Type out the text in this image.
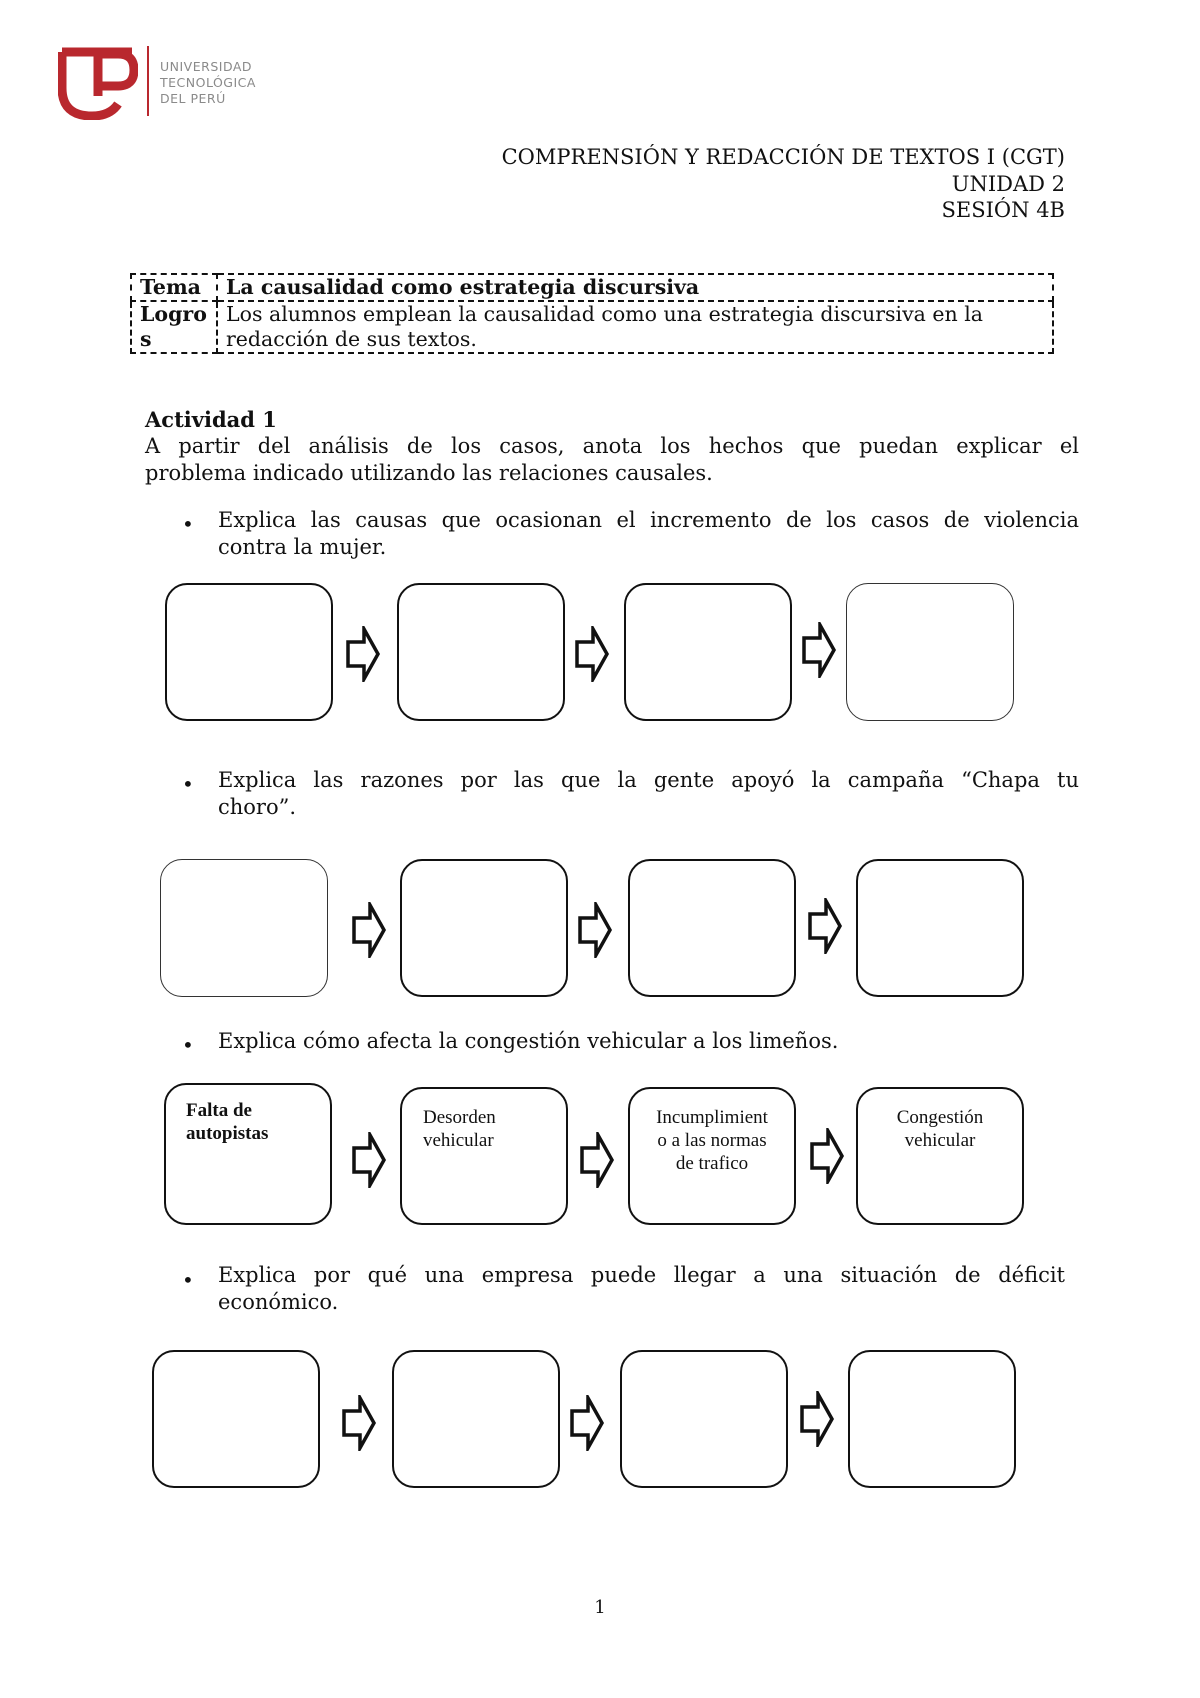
UNIVERSIDAD
TECNOLÓGICA
DEL PERÚ
COMPRENSIÓN Y REDACCIÓN DE TEXTOS I (CGT)
UNIDAD 2
SESIÓN 4B
Tema	La causalidad como estrategia discursiva
Logros	Los alumnos emplean la causalidad como una estrategia discursiva en la redacción de sus textos.
Actividad 1
A partir del análisis de los casos, anota los hechos que puedan explicar el
problema indicado utilizando las relaciones causales.
• Explica las causas que ocasionan el incremento de los casos de violencia
contra la mujer.
• Explica las razones por las que la gente apoyó la campaña “Chapa tu
choro”.
• Explica cómo afecta la congestión vehicular a los limeños.
Falta de
autopistas
Desorden
vehicular
Incumplimient
o a las normas
de trafico
Congestión
vehicular
• Explica por qué una empresa puede llegar a una situación de déficit
económico.
1
